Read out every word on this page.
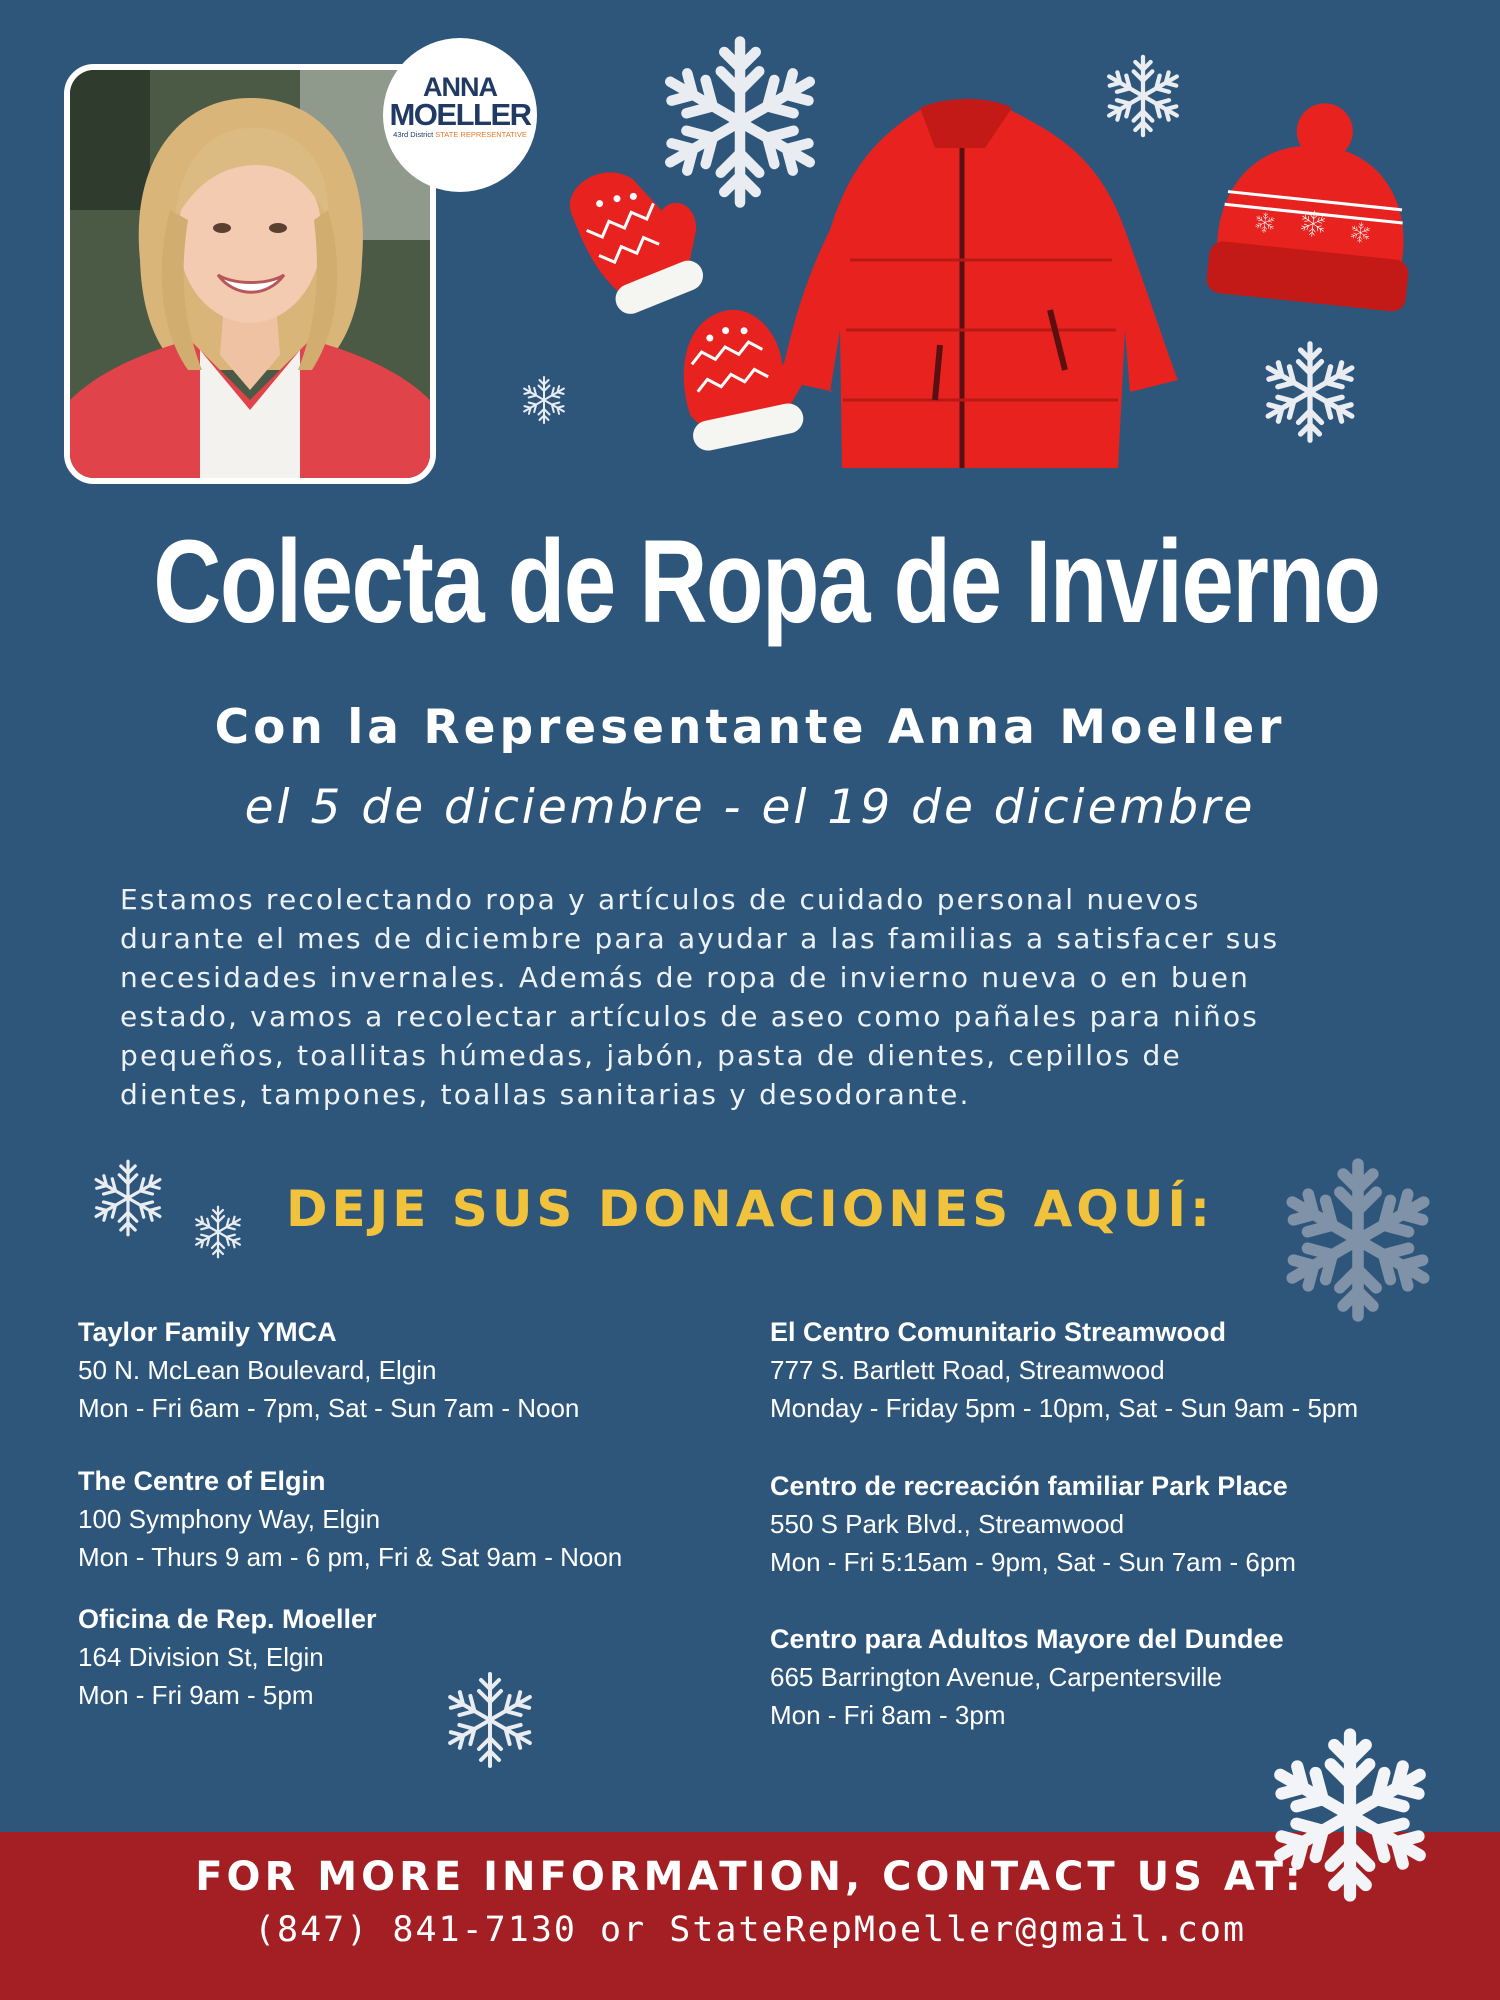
ANNA
MOELLER
43rd District STATE REPRESENTATIVE
Colecta de Ropa de Invierno
Con la Representante Anna Moeller
el 5 de diciembre - el 19 de diciembre
Estamos recolectando ropa y artículos de cuidado personal nuevos
durante el mes de diciembre para ayudar a las familias a satisfacer sus
necesidades invernales. Además de ropa de invierno nueva o en buen
estado, vamos a recolectar artículos de aseo como pañales para niños
pequeños, toallitas húmedas, jabón, pasta de dientes, cepillos de
dientes, tampones, toallas sanitarias y desodorante.
DEJE SUS DONACIONES AQUÍ:
Taylor Family YMCA
50 N. McLean Boulevard, Elgin
Mon - Fri 6am - 7pm, Sat - Sun 7am - Noon
The Centre of Elgin
100 Symphony Way, Elgin
Mon - Thurs 9 am - 6 pm, Fri & Sat 9am - Noon
Oficina de Rep. Moeller
164 Division St, Elgin
Mon - Fri 9am - 5pm
El Centro Comunitario Streamwood
777 S. Bartlett Road, Streamwood
Monday - Friday 5pm - 10pm, Sat - Sun 9am - 5pm
Centro de recreación familiar Park Place
550 S Park Blvd., Streamwood
Mon - Fri 5:15am - 9pm, Sat - Sun 7am - 6pm
Centro para Adultos Mayore del Dundee
665 Barrington Avenue, Carpentersville
Mon - Fri 8am - 3pm
FOR MORE INFORMATION, CONTACT US AT:
(847) 841-7130 or StateRepMoeller@gmail.com
